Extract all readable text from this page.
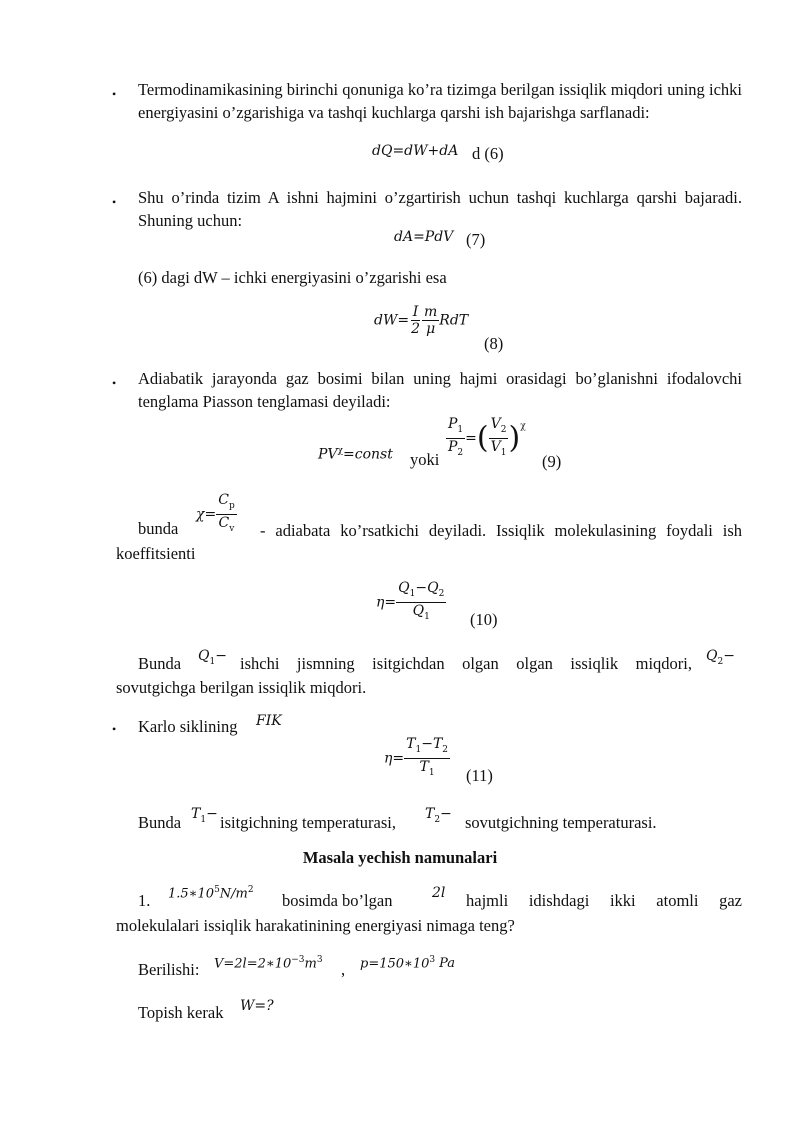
• Termodinamikasining birinchi qonuniga ko’ra tizimga berilgan issiqlik miqdori uning ichki energiyasini o’zgarishiga va tashqi kuchlarga qarshi ish bajarishga sarflanadi:
dQ=dW+dA d (6)
• Shu o’rinda tizim A ishni hajmini o’zgartirish uchun tashqi kuchlarga qarshi bajaradi. Shuning uchun:
dA=PdV (7)
(6) dagi dW – ichki energiyasini o’zgarishi esa
$dW= \frac{I}{2} \frac{m}{\mu}$ RdT
(8)
• Adiabatik jarayonda gaz bosimi bilan uning hajmi orasidagi bo’glanishni ifodalovchi tenglama Piasson tenglamasi deyiladi:
$PV^\chi=const$ yoki $\frac{P_1}{P_2}$ =( $\frac{V_2}{V_1} )^\chi$
(9)
bunda
$\chi= \frac{C_p}{C_v}$	- adiabata ko’rsatkichi deyiladi. Issiqlik molekulasining foydali ish koeffitsienti
$\eta= \frac{Q_1-Q_2}{Q_1} (10)$
Bunda $Q_1-$ ishchi jismning isitgichdan olgan olgan issiqlik miqdori, $Q_2-$
sovutgichga berilgan issiqlik miqdori.
• Karlo siklining FIK
$\eta= \frac{T_1-T_2}{T_1} (11)$
Bunda $T_1-$ isitgichning temperaturasi, $T_2-$ sovutgichning temperaturasi.
Masala yechish namunalari
1. $1.5∗10^5N/m^2$
bosimda bo’lgan	2l hajmli idishdagi ikki atomli gaz
molekulalari issiqlik harakatinining energiyasi nimaga teng?
Berilishi: $V=2l=2∗10^{-3}m^3$ , $p=150∗10^3$ Pa
Topish kerak W=?
